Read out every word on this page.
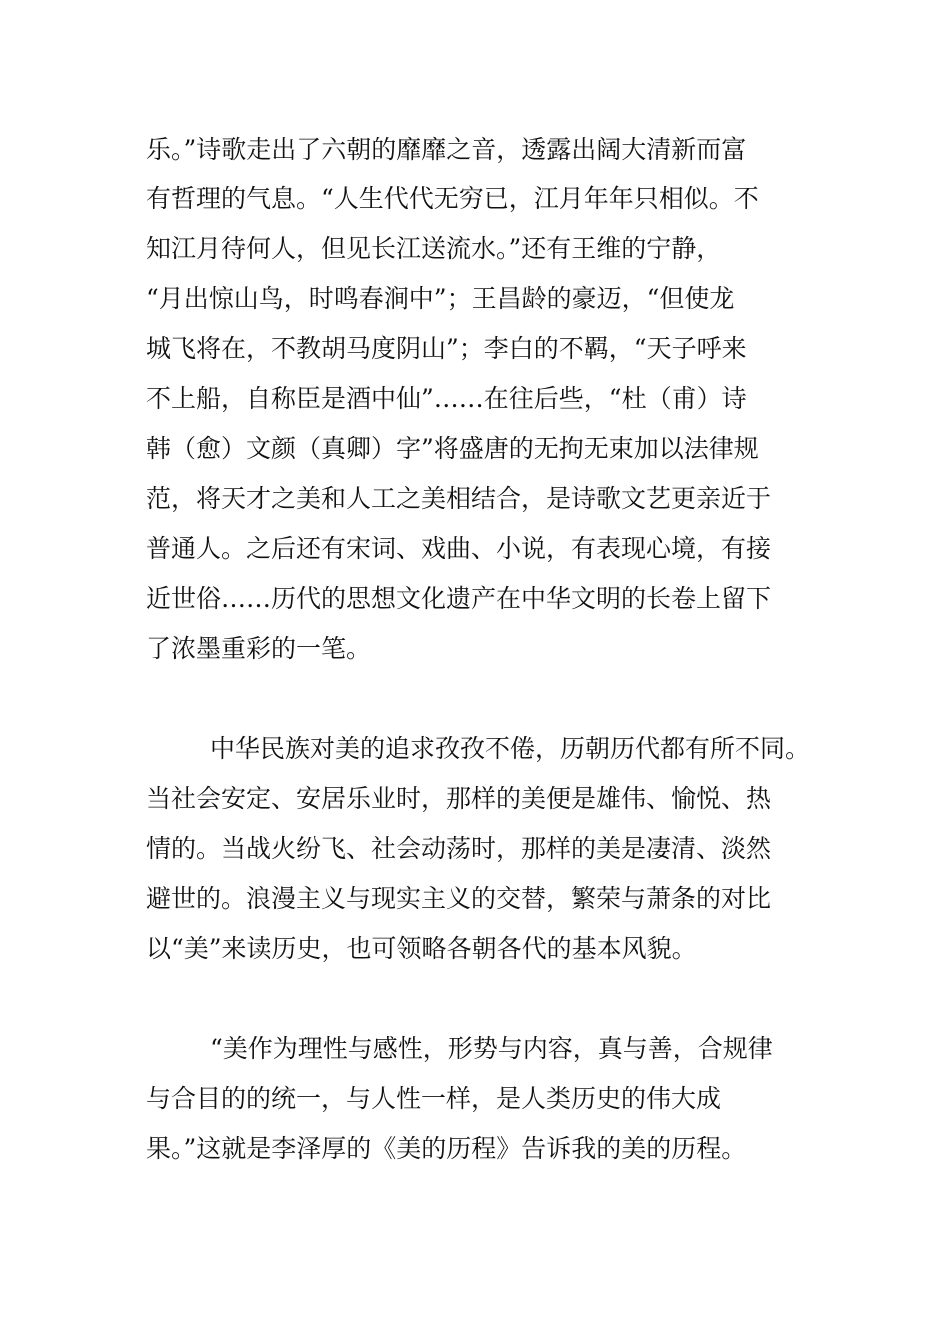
乐。”诗歌走出了六朝的靡靡之音，透露出阔大清新而富
有哲理的气息。“人生代代无穷已，江月年年只相似。不
知江月待何人，但见长江送流水。”还有王维的宁静，
“月出惊山鸟，时鸣春涧中”；王昌龄的豪迈，“但使龙
城飞将在，不教胡马度阴山”；李白的不羁，“天子呼来
不上船，自称臣是酒中仙”……在往后些，“杜（甫）诗
韩（愈）文颜（真卿）字”将盛唐的无拘无束加以法律规
范，将天才之美和人工之美相结合，是诗歌文艺更亲近于
普通人。之后还有宋词、戏曲、小说，有表现心境，有接
近世俗……历代的思想文化遗产在中华文明的长卷上留下
了浓墨重彩的一笔。
中华民族对美的追求孜孜不倦，历朝历代都有所不同。
当社会安定、安居乐业时，那样的美便是雄伟、愉悦、热
情的。当战火纷飞、社会动荡时，那样的美是凄清、淡然
避世的。浪漫主义与现实主义的交替，繁荣与萧条的对比
以“美”来读历史，也可领略各朝各代的基本风貌。
“美作为理性与感性，形势与内容，真与善，合规律
与合目的的统一，与人性一样，是人类历史的伟大成
果。”这就是李泽厚的《美的历程》告诉我的美的历程。
